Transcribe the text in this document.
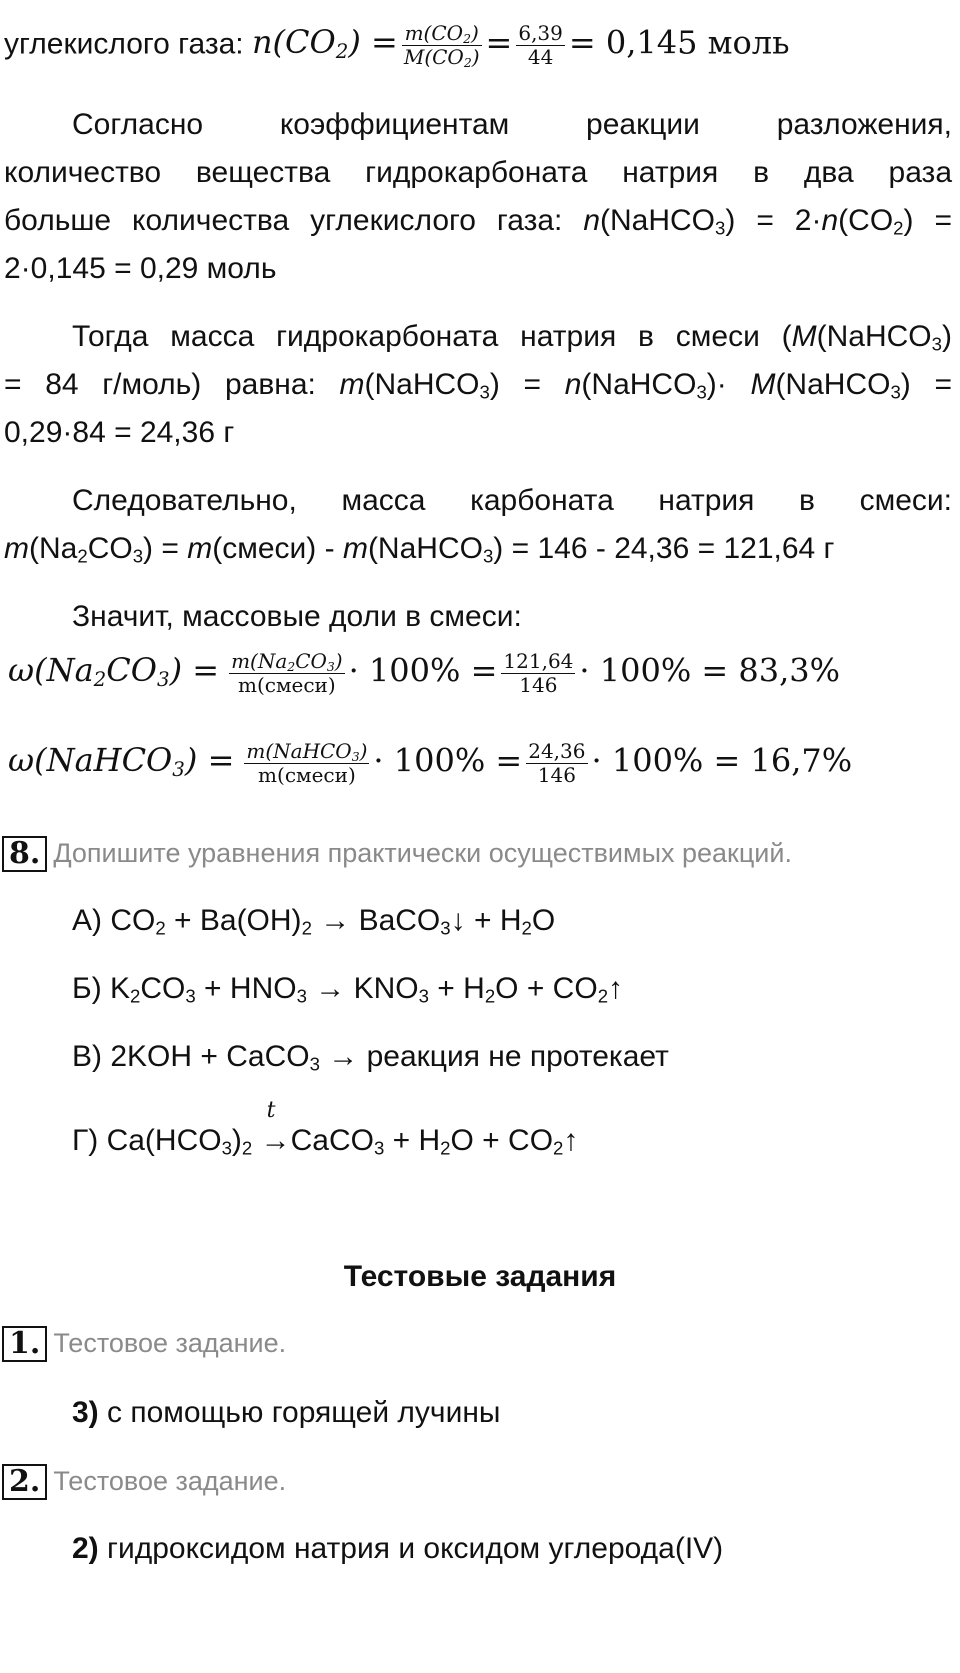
углекислого газа: $n(CO_2) = \frac{m(CO_2)}{M(CO_2)} = \frac{6,39}{44} = 0,145$ моль
Согласно коэффициентам реакции разложения,
количество вещества гидрокарбоната натрия в два раза
больше количества углекислого газа: n(NaHCO$_3$) = $2\cdot n(CO_2)$ =
2·0,145 = 0,29 моль
Тогда масса гидрокарбоната натрия в смеси (M(NaHCO$_3$)
= 84 г/моль) равна: m(NaHCO$_3$) = n(NaHCO$_3$)· M(NaHCO$_3$) =
0,29·84 = 24,36 г
Следовательно, масса карбоната натрия в смеси:
$m(Na_2CO_3)$ = m(смеси) - m(NaHCO$_3$) = 146 - 24,36 = 121,64 г
Значит, массовые доли в смеси:
$\omega(Na_2CO_3) = \frac{m(Na_2CO_3)}{\text{m(смеси)}} \cdot 100\% = \frac{121,64}{146} \cdot 100\% = 83,3\%$
ω(NaHCO$_3$) = $\frac{m(NaHCO_3)}{\text{m(смеси)}} \cdot 100\% = \frac{24,36}{146} \cdot 100\% = 16,7\%$
8. Допишите уравнения практически осуществимых реакций.
А) $CO_2 + Ba(OH)_2$ → BaCO$_3$↓ + $H_2O$
Б) $K_2CO_3 + HNO_3 \to KNO_3 + H_2O$ + $CO_2↑$
В) 2KOH + CaCO$_3$ → реакция не протекает
Г) $Ca(HCO_3)_2$ →
t
CaCO$_3$ + $H_2O$ + $CO_2↑$
Тестовые задания
1. Тестовое задание.
3) с помощью горящей лучины
2. Тестовое задание.
2) гидроксидом натрия и оксидом углерода(IV)
